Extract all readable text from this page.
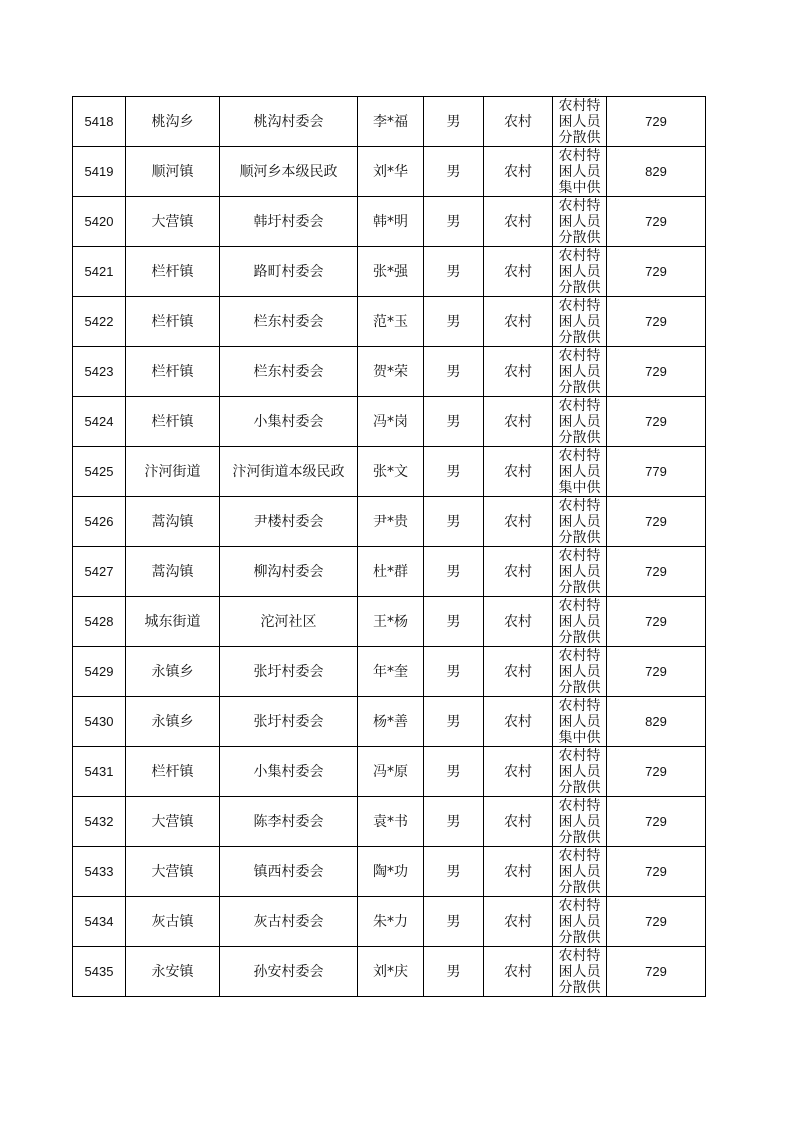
5418	桃沟乡	桃沟村委会	李*福	男	农村	农村特困人员分散供	729
5419	顺河镇	顺河乡本级民政	刘*华	男	农村	农村特困人员集中供	829
5420	大营镇	韩圩村委会	韩*明	男	农村	农村特困人员分散供	729
5421	栏杆镇	路町村委会	张*强	男	农村	农村特困人员分散供	729
5422	栏杆镇	栏东村委会	范*玉	男	农村	农村特困人员分散供	729
5423	栏杆镇	栏东村委会	贺*荣	男	农村	农村特困人员分散供	729
5424	栏杆镇	小集村委会	冯*岗	男	农村	农村特困人员分散供	729
5425	汴河街道	汴河街道本级民政	张*文	男	农村	农村特困人员集中供	779
5426	蒿沟镇	尹楼村委会	尹*贵	男	农村	农村特困人员分散供	729
5427	蒿沟镇	柳沟村委会	杜*群	男	农村	农村特困人员分散供	729
5428	城东街道	沱河社区	王*杨	男	农村	农村特困人员分散供	729
5429	永镇乡	张圩村委会	年*奎	男	农村	农村特困人员分散供	729
5430	永镇乡	张圩村委会	杨*善	男	农村	农村特困人员集中供	829
5431	栏杆镇	小集村委会	冯*原	男	农村	农村特困人员分散供	729
5432	大营镇	陈李村委会	袁*书	男	农村	农村特困人员分散供	729
5433	大营镇	镇西村委会	陶*功	男	农村	农村特困人员分散供	729
5434	灰古镇	灰古村委会	朱*力	男	农村	农村特困人员分散供	729
5435	永安镇	孙安村委会	刘*庆	男	农村	农村特困人员分散供	729
